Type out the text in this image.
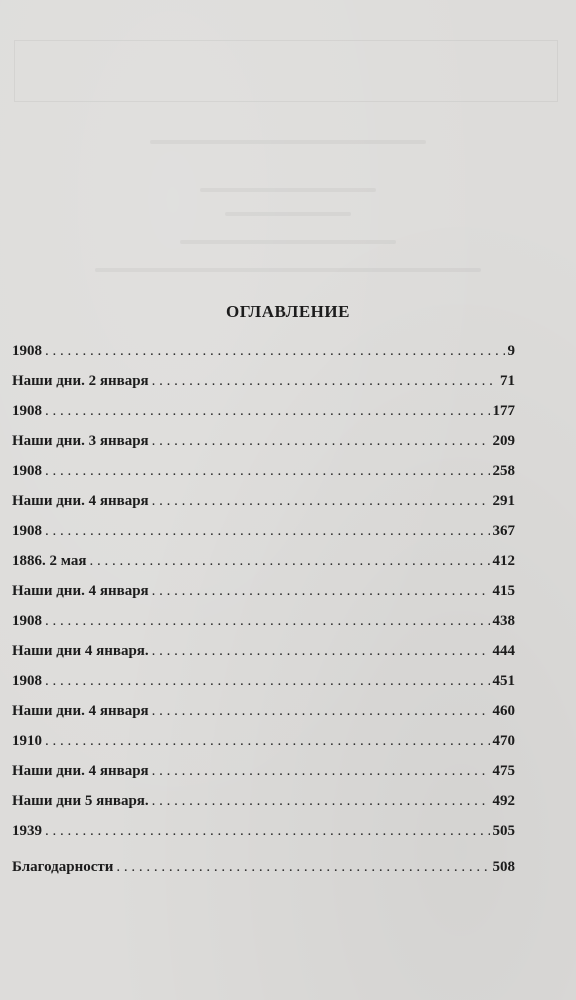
ОГЛАВЛЕНИЕ
1908 . . .	9
Наши дни. 2 января . . .	71
1908 . . .	177
Наши дни. 3 января . . .	209
1908 . . .	258
Наши дни. 4 января . . .	291
1908 . . .	367
1886. 2 мая . . .	412
Наши дни. 4 января . . .	415
1908 . . .	438
Наши дни 4 января. . . .	444
1908 . . .	451
Наши дни. 4 января . . .	460
1910 . . .	470
Наши дни. 4 января . . .	475
Наши дни 5 января. . . .	492
1939 . . .	505
Благодарности . . .	508
